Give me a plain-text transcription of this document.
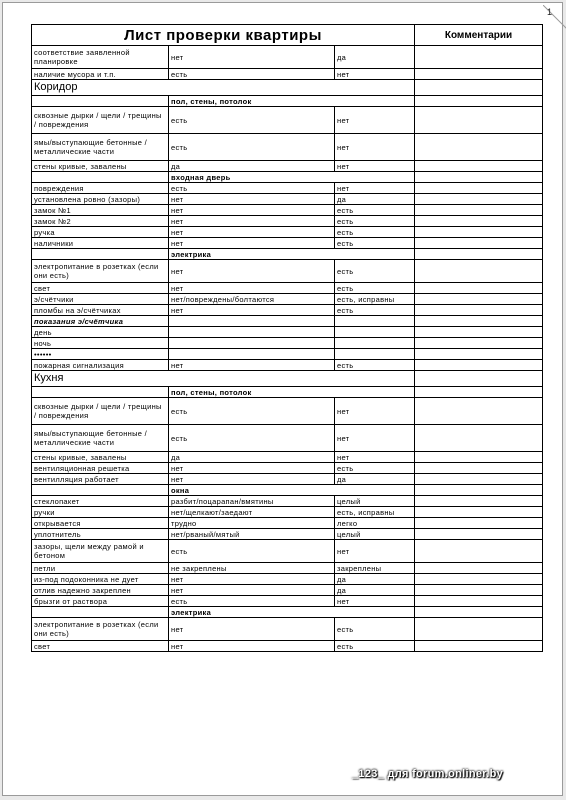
1
Лист проверки квартиры			Комментарии
соответствие заявленной планировке	нет	да	
наличие мусора и т.п.	есть	нет	
Коридор			
	пол, стены, потолок		
сквозные дырки / щели / трещины / повреждения	есть	нет	
ямы/выступающие бетонные / металлические части	есть	нет	
стены кривые, завалены	да	нет	
	входная дверь		
повреждения	есть	нет	
установлена ровно (зазоры)	нет	да	
замок №1	нет	есть	
замок №2	нет	есть	
ручка	нет	есть	
наличники	нет	есть	
	электрика		
электропитание в розетках (если они есть)	нет	есть	
свет	нет	есть	
э/счётчики	нет/повреждены/болтаются	есть, исправны	
пломбы на э/счётчиках	нет	есть	
показания э/счётчика			
день			
ночь			
••••••			
пожарная сигнализация	нет	есть	
Кухня			
	пол, стены, потолок		
сквозные дырки / щели / трещины / повреждения	есть	нет	
ямы/выступающие бетонные / металлические части	есть	нет	
стены кривые, завалены	да	нет	
вентиляционная решетка	нет	есть	
вентилляция работает	нет	да	
	окна		
стеклопакет	разбит/поцарапан/вмятины	целый	
ручки	нет/щелкают/заедают	есть, исправны	
открывается	трудно	легко	
уплотнитель	нет/рваный/мятый	целый	
зазоры, щели между рамой и бетоном	есть	нет	
петли	не закреплены	закреплены	
из-под подоконника не дует	нет	да	
отлив надежно закреплен	нет	да	
брызги от раствора	есть	нет	
	электрика		
электропитание в розетках (если они есть)	нет	есть	
свет	нет	есть	
_123_ для forum.onliner.by
